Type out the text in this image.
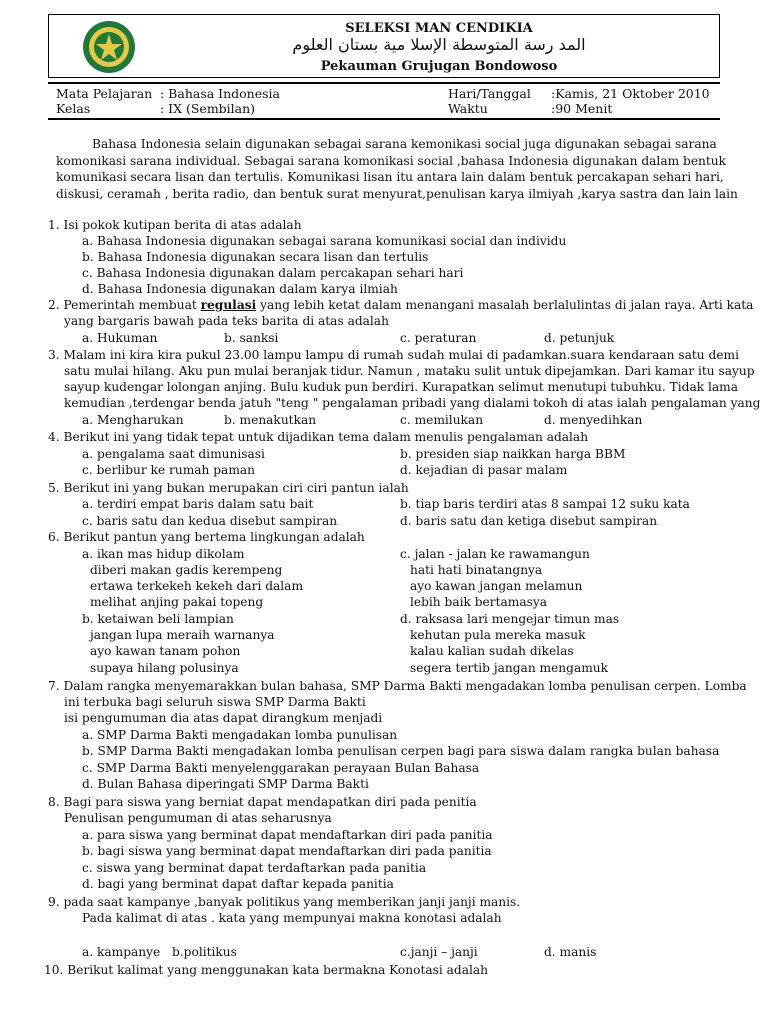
SELEKSI MAN CENDIKIA
المد رسة المتوسطة الإسلا مية بستان العلوم
Pekauman Grujugan Bondowoso
Mata Pelajaran : Bahasa Indonesia	Hari/Tanggal :Kamis, 21 Oktober 2010
Kelas	: IX (Sembilan)	Waktu	:90 Menit
Bahasa Indonesia selain digunakan sebagai sarana kemonikasi social juga digunakan sebagai sarana
komonikasi sarana individual. Sebagai sarana komonikasi social ,bahasa Indonesia digunakan dalam bentuk
komunikasi secara lisan dan tertulis. Komunikasi lisan itu antara lain dalam bentuk percakapan sehari hari,
diskusi, ceramah , berita radio, dan bentuk surat menyurat,penulisan karya ilmiyah ,karya sastra dan lain lain
1. Isi pokok kutipan berita di atas adalah
a. Bahasa Indonesia digunakan sebagai sarana komunikasi social dan individu
b. Bahasa Indonesia digunakan secara lisan dan tertulis
c. Bahasa Indonesia digunakan dalam percakapan sehari hari
d. Bahasa Indonesia digunakan dalam karya ilmiah
2. Pemerintah membuat regulasi yang lebih ketat dalam menangani masalah berlalulintas di jalan raya. Arti kata
yang bargaris bawah pada teks barita di atas adalah
a. Hukuman	b. sanksi	c. peraturan	d. petunjuk
3. Malam ini kira kira pukul 23.00 lampu lampu di rumah sudah mulai di padamkan.suara kendaraan satu demi
satu mulai hilang. Aku pun mulai beranjak tidur. Namun , mataku sulit untuk dipejamkan. Dari kamar itu sayup
sayup kudengar lolongan anjing. Bulu kuduk pun berdiri. Kurapatkan selimut menutupi tubuhku. Tidak lama
kemudian ,terdengar benda jatuh "teng " pengalaman pribadi yang dialami tokoh di atas ialah pengalaman yang
a. Mengharukan	b. menakutkan	c. memilukan	d. menyedihkan
4. Berikut ini yang tidak tepat untuk dijadikan tema dalam menulis pengalaman adalah
a. pengalama saat dimunisasi	b. presiden siap naikkan harga BBM
c. berlibur ke rumah paman	d. kejadian di pasar malam
5. Berikut ini yang bukan merupakan ciri ciri pantun ialah
a. terdiri empat baris dalam satu bait	b. tiap baris terdiri atas 8 sampai 12 suku kata
c. baris satu dan kedua disebut sampiran	d. baris satu dan ketiga disebut sampiran
6. Berikut pantun yang bertema lingkungan adalah
a. ikan mas hidup dikolam
diberi makan gadis kerempeng
ertawa terkekeh kekeh dari dalam
melihat anjing pakai topeng
c. jalan - jalan ke rawamangun
hati hati binatangnya
ayo kawan jangan melamun
lebih baik bertamasya
b. ketaiwan beli lampian
jangan lupa meraih warnanya
ayo kawan tanam pohon
supaya hilang polusinya
d. raksasa lari mengejar timun mas
kehutan pula mereka masuk
kalau kalian sudah dikelas
segera tertib jangan mengamuk
7. Dalam rangka menyemarakkan bulan bahasa, SMP Darma Bakti mengadakan lomba penulisan cerpen. Lomba
ini terbuka bagi seluruh siswa SMP Darma Bakti
isi pengumuman dia atas dapat dirangkum menjadi
a. SMP Darma Bakti mengadakan lomba punulisan
b. SMP Darma Bakti mengadakan lomba penulisan cerpen bagi para siswa dalam rangka bulan bahasa
c. SMP Darma Bakti menyelenggarakan perayaan Bulan Bahasa
d. Bulan Bahasa diperingati SMP Darma Bakti
8. Bagi para siswa yang berniat dapat mendapatkan diri pada penitia
Penulisan pengumuman di atas seharusnya
a. para siswa yang berminat dapat mendaftarkan diri pada panitia
b. bagi siswa yang berminat dapat mendaftarkan diri pada panitia
c. siswa yang berminat dapat terdaftarkan pada panitia
d. bagi yang berminat dapat daftar kepada panitia
9. pada saat kampanye ,banyak politikus yang memberikan janji janji manis.
Pada kalimat di atas . kata yang mempunyai makna konotasi adalah
a. kampanye b.politikus	c.janji – janji	d. manis
10. Berikut kalimat yang menggunakan kata bermakna Konotasi adalah
